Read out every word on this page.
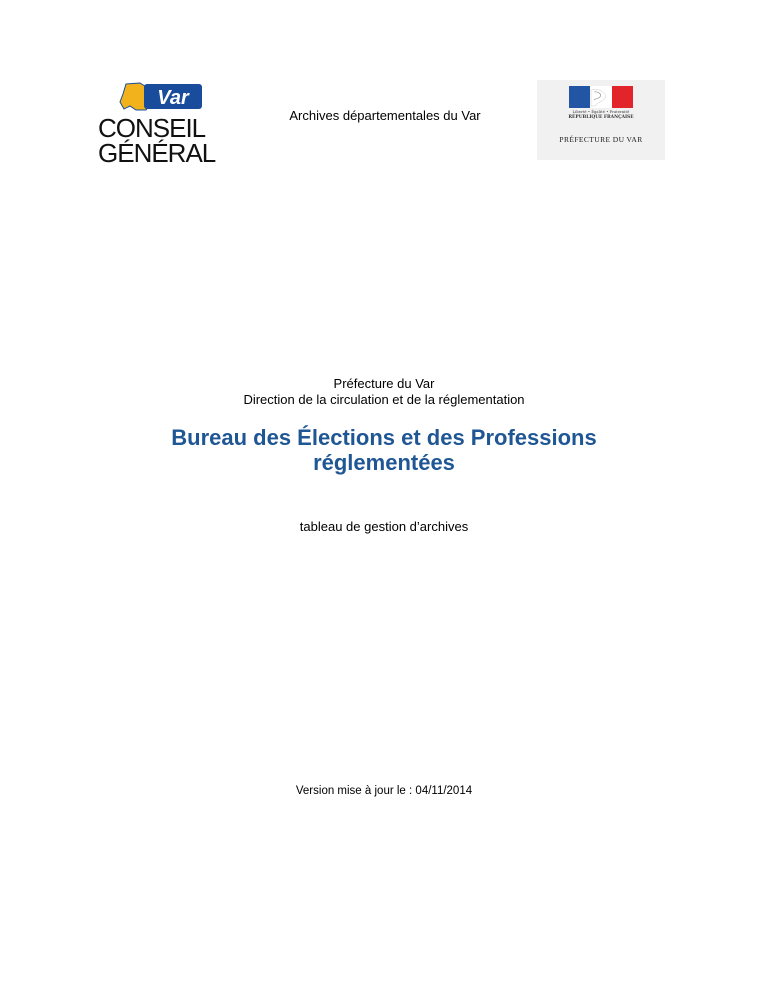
Var
CONSEIL
GÉNÉRAL
Archives départementales du Var	Liberté • Égalité • Fraternité
RÉPUBLIQUE FRANÇAISE
PRÉFECTURE DU VAR
Préfecture du Var
Direction de la circulation et de la réglementation
Bureau des Élections et des Professions réglementées
tableau de gestion d’archives
Version mise à jour le : 04/11/2014
